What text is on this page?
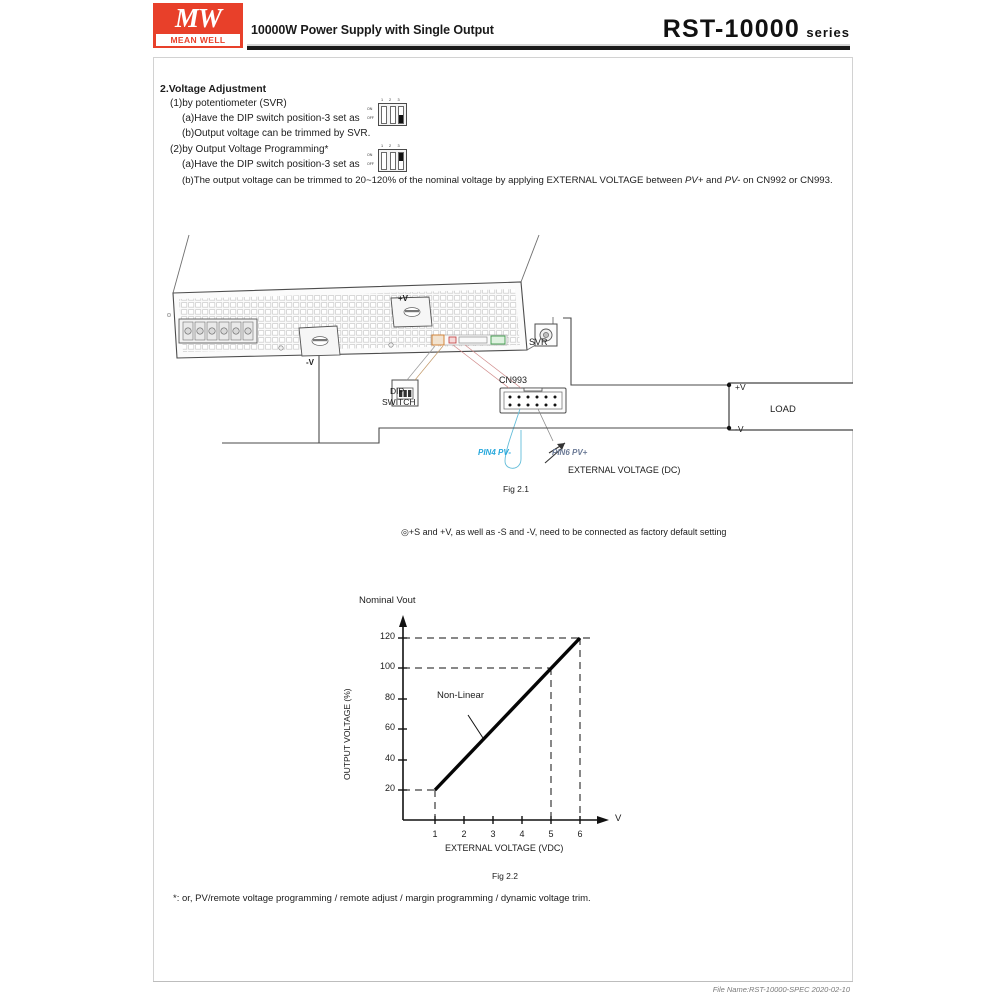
MW
MEAN WELL
10000W Power Supply with Single Output	RST-10000 series
2.Voltage Adjustment
(1)by potentiometer (SVR)
(a)Have the DIP switch position-3 set as
(b)Output voltage can be trimmed by SVR.
(2)by Output Voltage Programming*
(a)Have the DIP switch position-3 set as
(b)The output voltage can be trimmed to 20~120% of the nominal voltage by applying EXTERNAL VOLTAGE between PV+ and PV- on CN992 or CN993.
ON
OFF
1 2 3
ON
OFF
1 2 3
SVR
CN993
DIP
SWITCH
LOAD
+V
-V
+V
-V
PIN4 PV-	PIN6 PV+
EXTERNAL VOLTAGE (DC)
Fig 2.1
◎+S and +V, as well as -S and -V, need to be connected as factory default setting
Nominal Vout
OUTPUT VOLTAGE (%)
120
100
80
60
40
20
1	2	3	4	5	6
V
Non-Linear
EXTERNAL VOLTAGE (VDC)
Fig 2.2
*: or, PV/remote voltage programming / remote adjust / margin programming / dynamic voltage trim.
File Name:RST-10000-SPEC 2020-02-10
